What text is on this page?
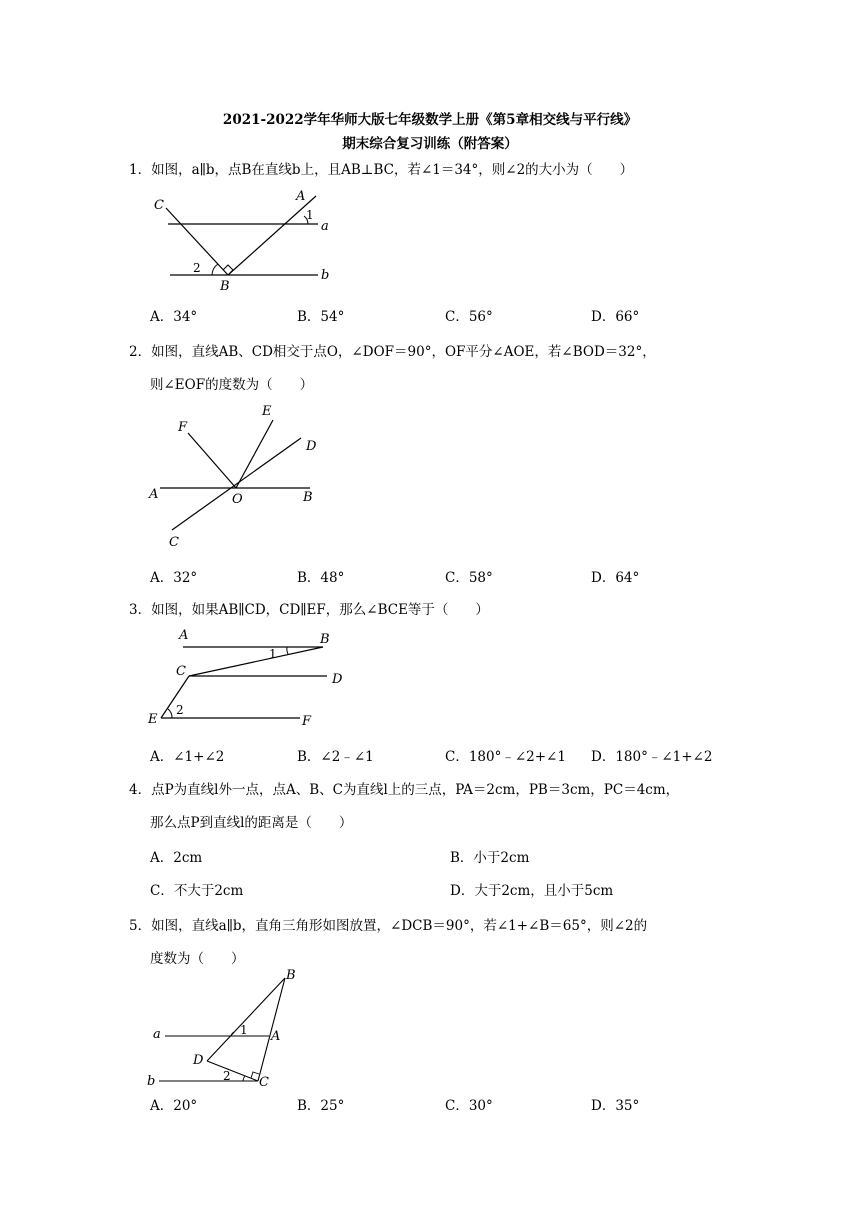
2021-2022学年华师大版七年级数学上册《第5章相交线与平行线》
期末综合复习训练（附答案）
1．如图，a∥b，点B在直线b上，且AB⊥BC，若∠1＝34°，则∠2的大小为（　　）
C
A
1
a
2
B
b
A．34°	B．54°	C．56°	D．66°
2．如图，直线AB、CD相交于点O，∠DOF＝90°，OF平分∠AOE，若∠BOD＝32°，
则∠EOF的度数为（　　）
F
E
D
A	O	B
C
A．32°	B．48°	C．58°	D．64°
3．如图，如果AB∥CD，CD∥EF，那么∠BCE等于（　　）
A	B
1
C
D
E
2
F
A．∠1+∠2	B．∠2﹣∠1	C．180°﹣∠2+∠1 D．180°﹣∠1+∠2
4．点P为直线l外一点，点A、B、C为直线l上的三点，PA＝2cm，PB＝3cm，PC＝4cm，
那么点P到直线l的距离是（　　）
A．2cm	B．小于2cm
C．不大于2cm	D．大于2cm，且小于5cm
5．如图，直线a∥b，直角三角形如图放置，∠DCB＝90°，若∠1+∠B＝65°，则∠2的
度数为（　　）
B
a	1 A
D
b	2 C
A．20°	B．25°	C．30°	D．35°
